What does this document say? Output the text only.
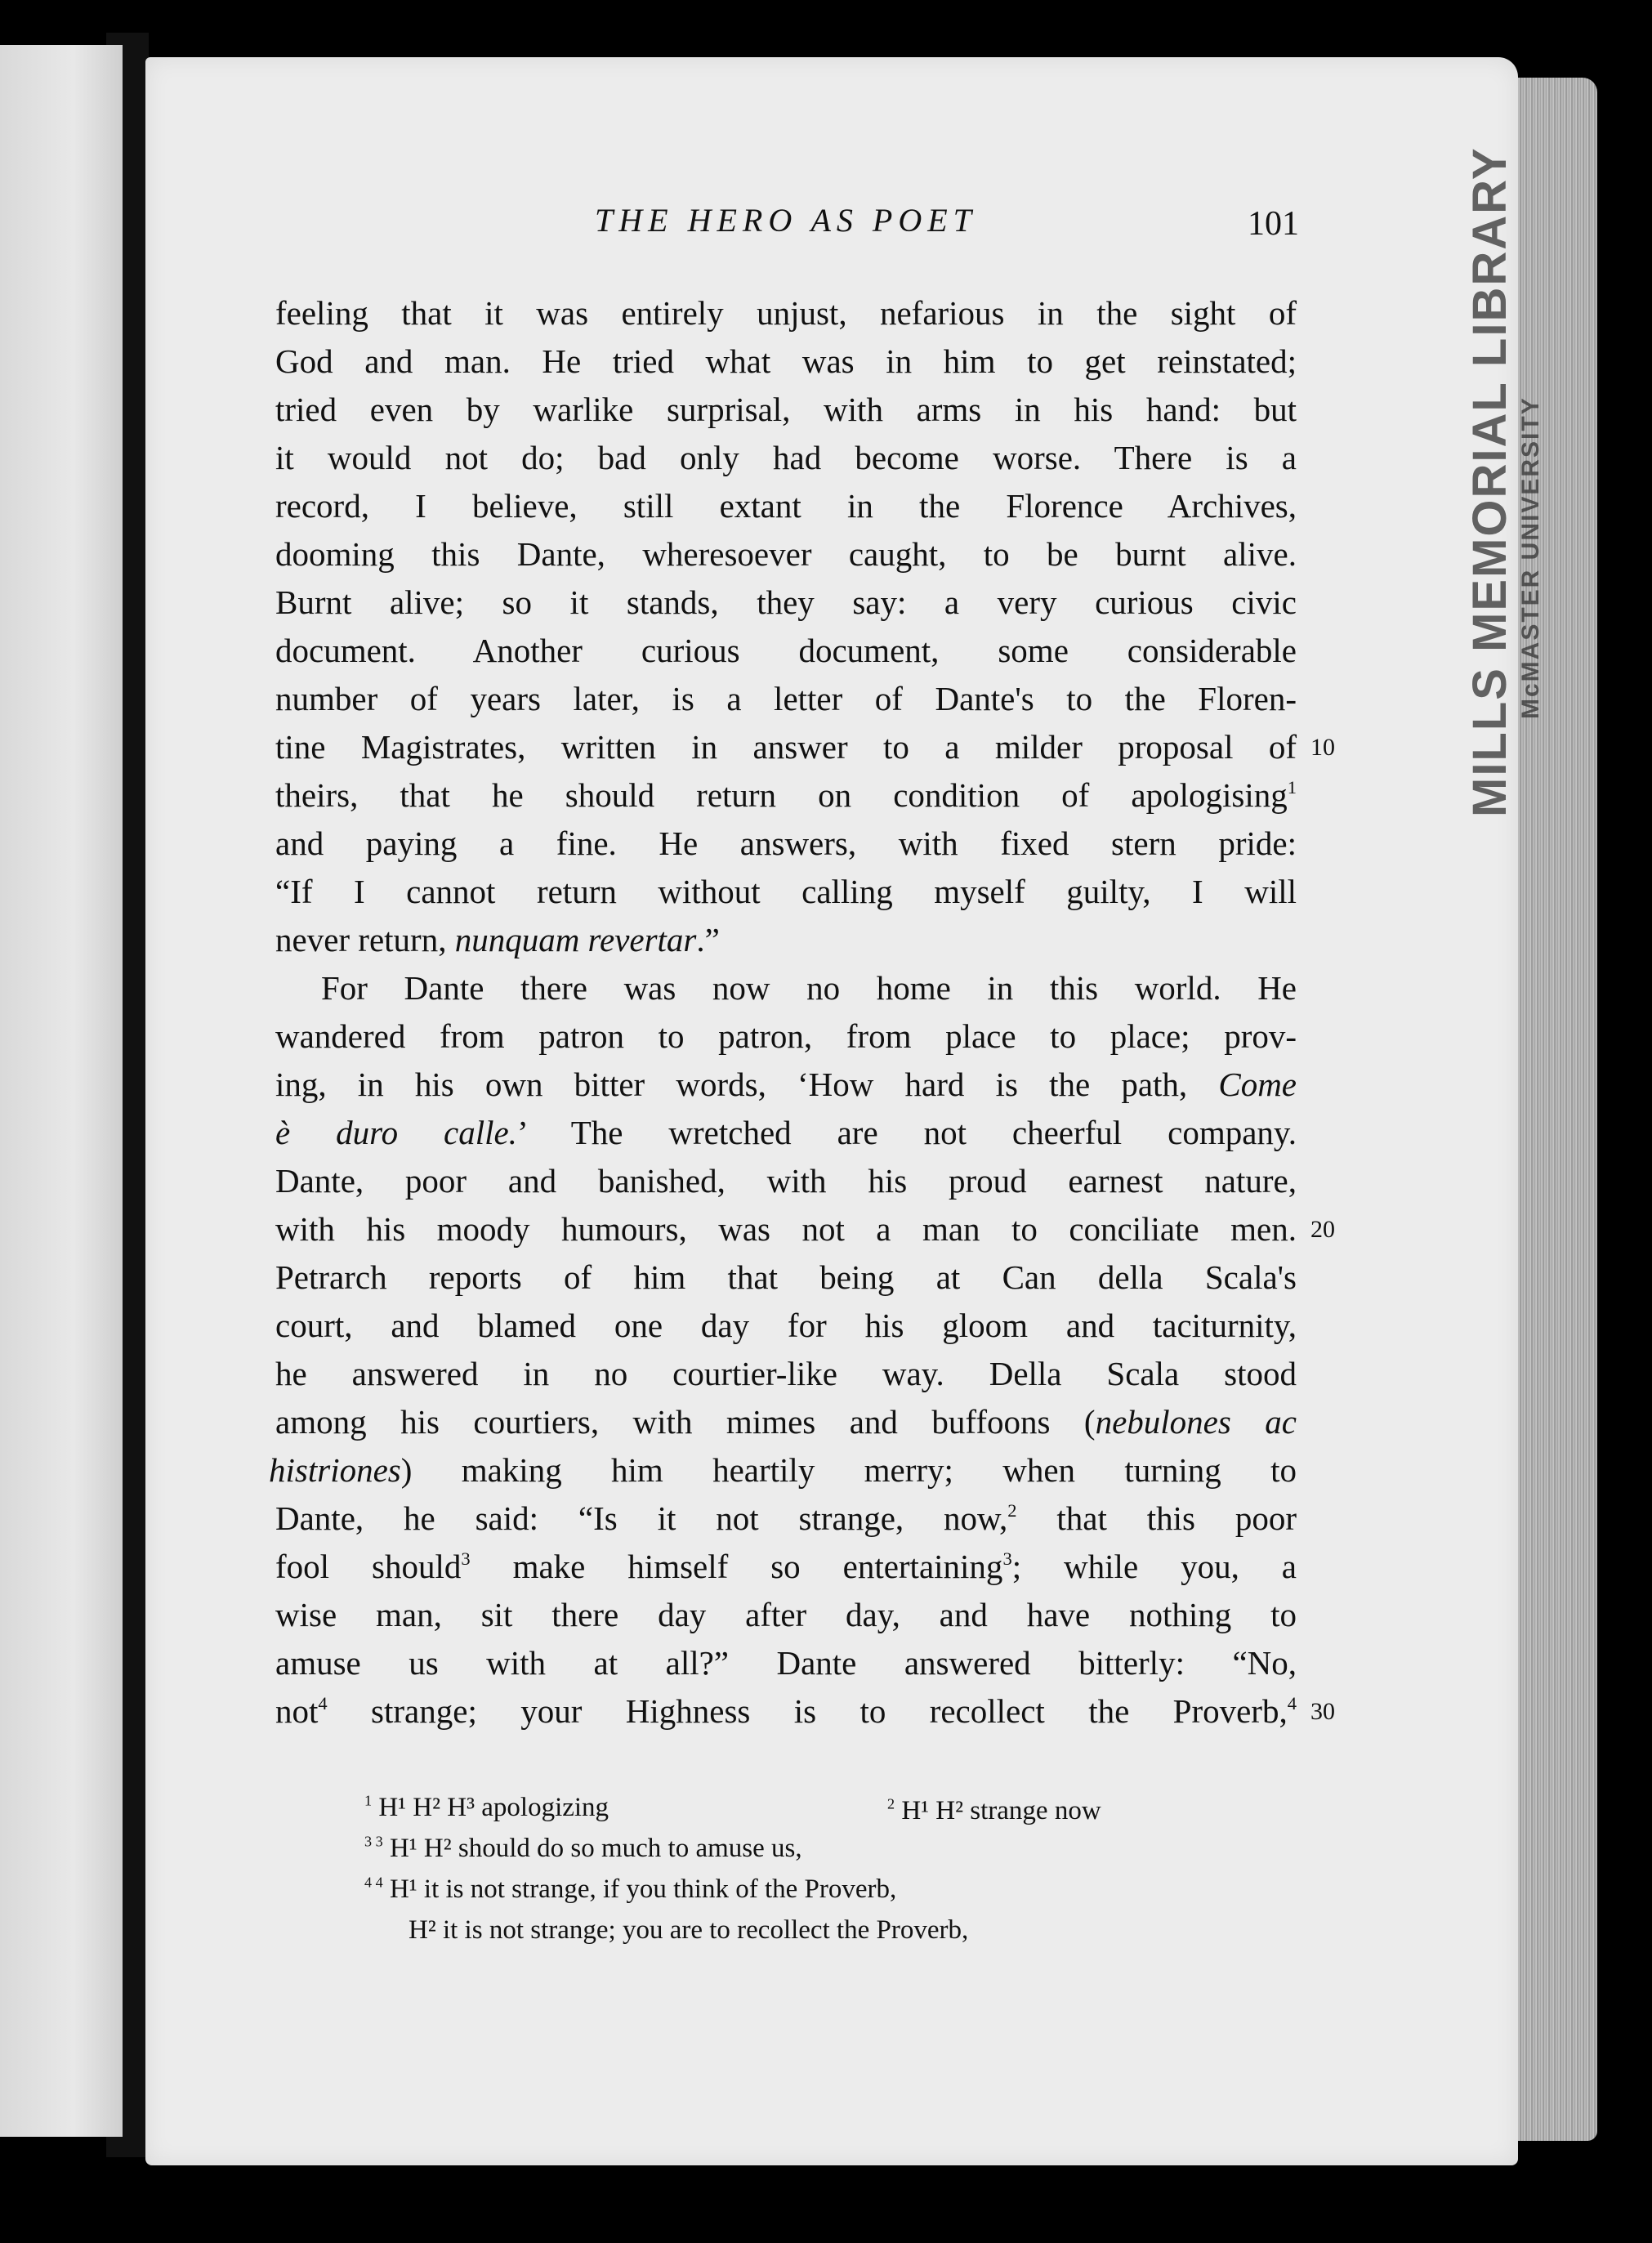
MILLS MEMORIAL LIBRARY McMASTER UNIVERSITY
THE HERO AS POET	101
feeling that it was entirely unjust, nefarious in the sight of
God and man. He tried what was in him to get reinstated;
tried even by warlike surprisal, with arms in his hand: but
it would not do; bad only had become worse. There is a
record, I believe, still extant in the Florence Archives,
dooming this Dante, wheresoever caught, to be burnt alive.
Burnt alive; so it stands, they say: a very curious civic
document. Another curious document, some considerable
number of years later, is a letter of Dante's to the Floren-
tine Magistrates, written in answer to a milder proposal of 10
theirs, that he should return on condition of apologising$^1$
and paying a fine. He answers, with fixed stern pride:
“If I cannot return without calling myself guilty, I will
never return, nunquam revertar.”
For Dante there was now no home in this world. He
wandered from patron to patron, from place to place; prov-
ing, in his own bitter words, ‘How hard is the path, Come
è duro calle.’ The wretched are not cheerful company.
Dante, poor and banished, with his proud earnest nature,
with his moody humours, was not a man to conciliate men. 20
Petrarch reports of him that being at Can della Scala's
court, and blamed one day for his gloom and taciturnity,
he answered in no courtier-like way. Della Scala stood
among his courtiers, with mimes and buffoons (nebulones ac
histriones) making him heartily merry; when turning to
Dante, he said: “Is it not strange, now,$^2$ that this poor
fool should$^3$ make himself so entertaining$^3$; while you, a
wise man, sit there day after day, and have nothing to
amuse us with at all?” Dante answered bitterly: “No,
not$^4$ strange; your Highness is to recollect the Proverb,$^4$ 30
$^1$ H¹ H² H³ apologizing	$^2$ H¹ H² strange now
$^{3 3}$ H¹ H² should do so much to amuse us,
$^{4 4}$ H¹ it is not strange, if you think of the Proverb,
H² it is not strange; you are to recollect the Proverb,
